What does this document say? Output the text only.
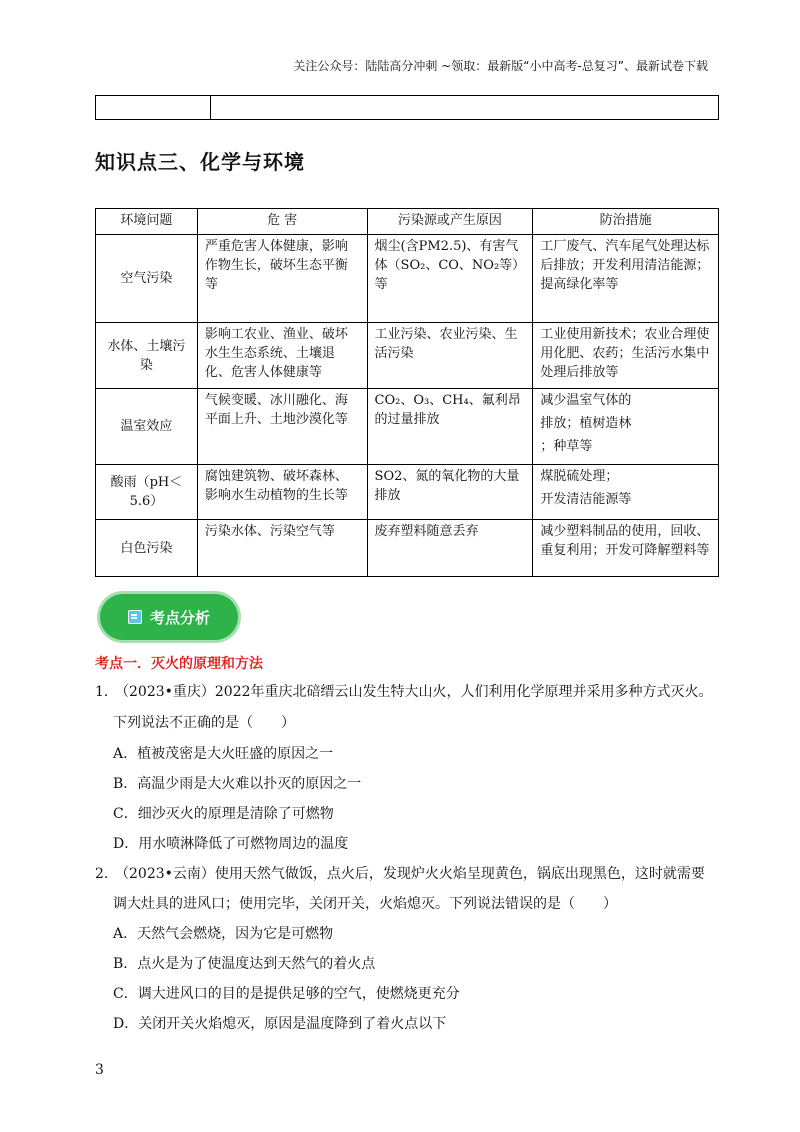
关注公众号：陆陆高分冲刺 ~领取：最新版“小中高考-总复习”、最新试卷下载
知识点三、化学与环境
环境问题	危 害	污染源或产生原因	防治措施
空气污染	严重危害人体健康，影响作物生长，破坏生态平衡等	烟尘(含PM2.5)、有害气体（SO₂、CO、NO₂等）等	工厂废气、汽车尾气处理达标后排放；开发利用清洁能源；提高绿化率等

水体、土壤污染	影响工农业、渔业、破坏水生生态系统、土壤退化、危害人体健康等	工业污染、农业污染、生活污染	工业使用新技术；农业合理使用化肥、农药；生活污水集中处理后排放等

温室效应	气候变暖、冰川融化、海平面上升、土地沙漠化等	CO₂、O₃、CH₄、氟利昂的过量排放	减少温室气体的

排放；植树造林

；种草等

酸雨（pH＜5.6）	腐蚀建筑物、破坏森林、影响水生动植物的生长等	SO2、氮的氧化物的大量排放	煤脱硫处理；

开发清洁能源等

白色污染	污染水体、污染空气等	废弃塑料随意丢弃	减少塑料制品的使用，回收、重复利用；开发可降解塑料等

考点分析
考点一．灭火的原理和方法
1. （2023•重庆）2022年重庆北碚缙云山发生特大山火，人们利用化学原理并采用多种方式灭火。
下列说法不正确的是（　　）
A．植被茂密是大火旺盛的原因之一
B．高温少雨是大火难以扑灭的原因之一
C．细沙灭火的原理是清除了可燃物
D．用水喷淋降低了可燃物周边的温度
2. （2023•云南）使用天然气做饭，点火后，发现炉火火焰呈现黄色，锅底出现黑色，这时就需要
调大灶具的进风口；使用完毕，关闭开关，火焰熄灭。下列说法错误的是（　　）
A．天然气会燃烧，因为它是可燃物
B．点火是为了使温度达到天然气的着火点
C．调大进风口的目的是提供足够的空气，使燃烧更充分
D．关闭开关火焰熄灭，原因是温度降到了着火点以下
3
